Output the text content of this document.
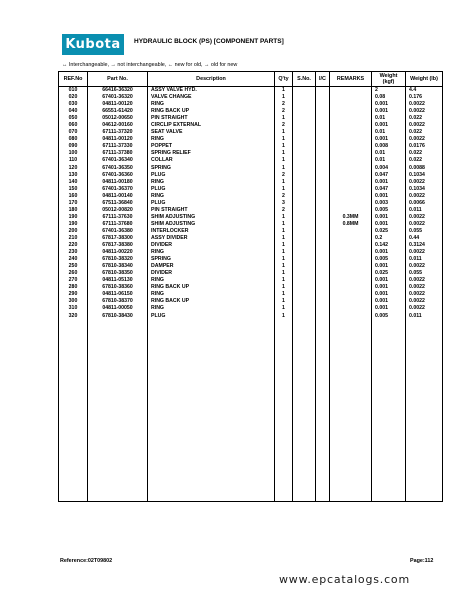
Kubota	HYDRAULIC BLOCK (PS) [COMPONENT PARTS]
↔ Interchangeable, → not interchangeable, ← new for old, → old for new
REF.No	Part No.	Description	Q'ty	S.No.	I/C	REMARKS	Weight (kgf)	Weight (lb)
010	66416-36320	ASSY VALVE HYD.	1				2	4.4
020	67401-36320	VALVE CHANGE	1				0.08	0.176
030	04811-00120	RING	2				0.001	0.0022
040	66551-61420	RING BACK UP	2				0.001	0.0022
050	05012-00650	PIN STRAIGHT	1				0.01	0.022
060	04612-00160	CIRCLIP EXTERNAL	2				0.001	0.0022
070	67111-37320	SEAT VALVE	1				0.01	0.022
080	04811-00120	RING	1				0.001	0.0022
090	67111-37330	POPPET	1				0.008	0.0176
100	67111-37380	SPRING RELIEF	1				0.01	0.022
110	67401-36340	COLLAR	1				0.01	0.022
120	67401-36350	SPRING	1				0.004	0.0088
130	67401-36360	PLUG	2				0.047	0.1034
140	04811-00180	RING	1				0.001	0.0022
150	67401-36370	PLUG	1				0.047	0.1034
160	04811-00140	RING	2				0.001	0.0022
170	67511-36840	PLUG	3				0.003	0.0066
180	05012-00820	PIN STRAIGHT	2				0.005	0.011
190	67111-37630	SHIM ADJUSTING	1			0.3MM	0.001	0.0022
190	67111-37680	SHIM ADJUSTING	1			0.8MM	0.001	0.0022
200	67401-36380	INTERLOCKER	1				0.025	0.055
210	67817-38300	ASSY DIVIDER	1				0.2	0.44
220	67817-38380	DIVIDER	1				0.142	0.3124
230	04811-00220	RING	1				0.001	0.0022
240	67810-38320	SPRING	1				0.005	0.011
250	67810-38340	DAMPER	1				0.001	0.0022
260	67810-38350	DIVIDER	1				0.025	0.055
270	04811-05130	RING	1				0.001	0.0022
280	67810-38360	RING BACK UP	1				0.001	0.0022
290	04811-06150	RING	1				0.001	0.0022
300	67810-38370	RING BACK UP	1				0.001	0.0022
310	04811-00050	RING	1				0.001	0.0022
320	67810-38430	PLUG	1				0.005	0.011

Reference:02T09802	Page:112
www.epcatalogs.com
